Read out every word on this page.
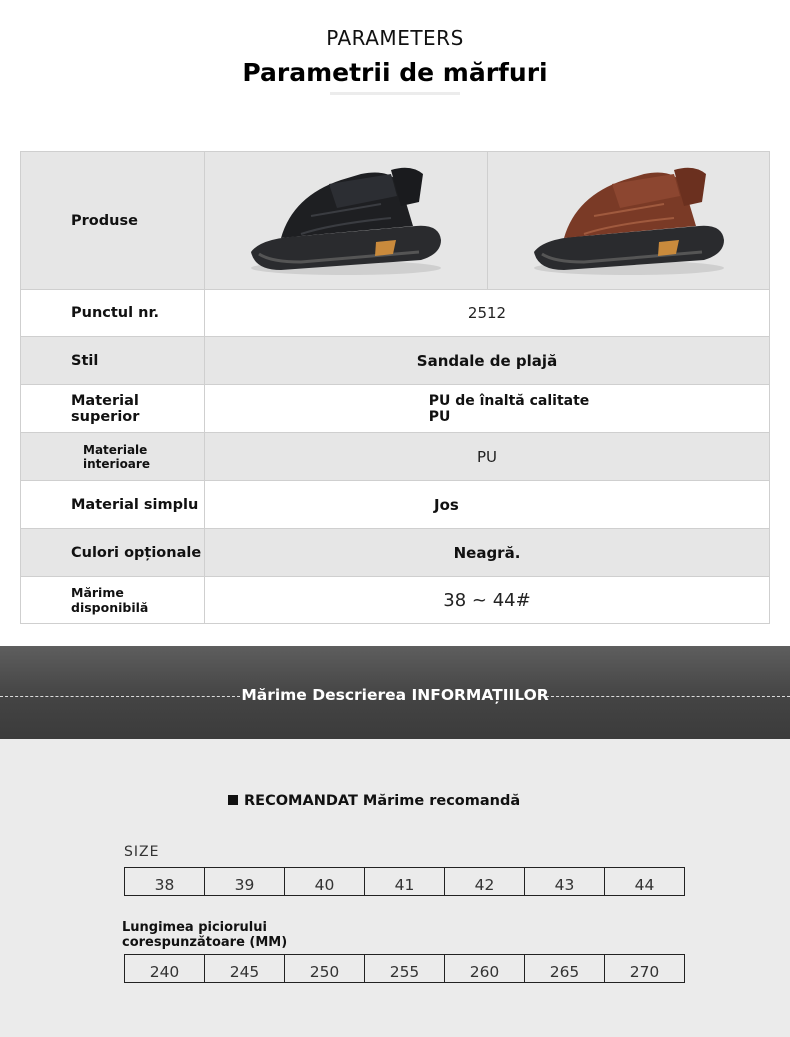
PARAMETERS
Parametrii de mărfuri
Produse		
Punctul nr.	2512	
Stil	Sandale de plajă	
Material superior	PU de înaltă calitate
PU	
Materiale
interioare	PU	
Material simplu	Jos	
Culori opționale	Neagră.	
Mărime disponibilă	38 ~ 44#	
Mărime Descrierea INFORMAȚIILOR
RECOMANDAT Mărime recomandă
SIZE
38	39	40	41	42	43	44
Lungimea piciorului
corespunzătoare (MM)
240	245	250	255	260	265	270
